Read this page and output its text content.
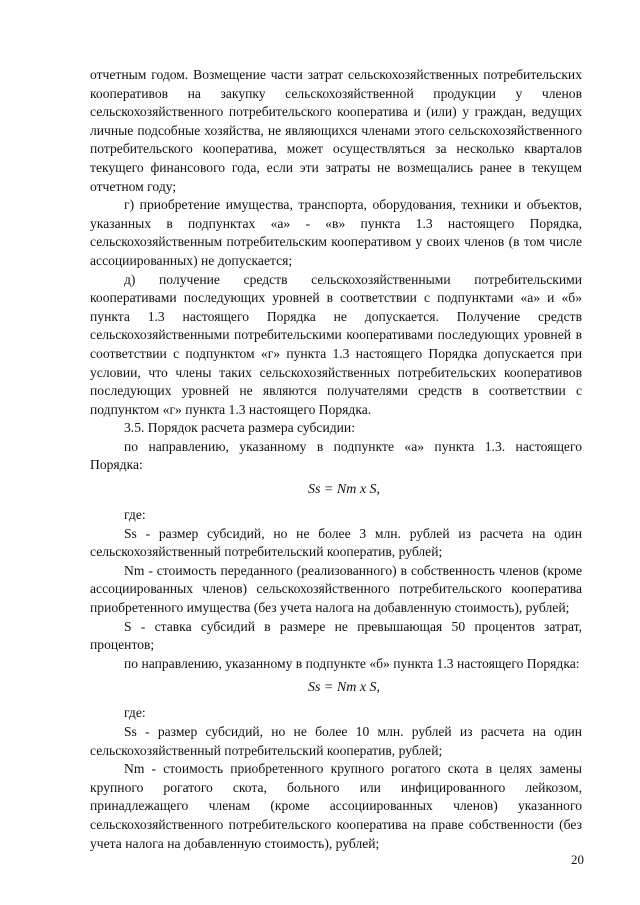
отчетным годом. Возмещение части затрат сельскохозяйственных потребительских кооперативов на закупку сельскохозяйственной продукции у членов сельскохозяйственного потребительского кооператива и (или) у граждан, ведущих личные подсобные хозяйства, не являющихся членами этого сельскохозяйственного потребительского кооператива, может осуществляться за несколько кварталов текущего финансового года, если эти затраты не возмещались ранее в текущем отчетном году;

г) приобретение имущества, транспорта, оборудования, техники и объектов, указанных в подпунктах «а» - «в» пункта 1.3 настоящего Порядка, сельскохозяйственным потребительским кооперативом у своих членов (в том числе ассоциированных) не допускается;

д) получение средств сельскохозяйственными потребительскими кооперативами последующих уровней в соответствии с подпунктами «а» и «б» пункта 1.3 настоящего Порядка не допускается. Получение средств сельскохозяйственными потребительскими кооперативами последующих уровней в соответствии с подпунктом «г» пункта 1.3 настоящего Порядка допускается при условии, что члены таких сельскохозяйственных потребительских кооперативов последующих уровней не являются получателями средств в соответствии с подпунктом «г» пункта 1.3 настоящего Порядка.

3.5. Порядок расчета размера субсидии:

по направлению, указанному в подпункте «а» пункта 1.3. настоящего Порядка:

Ss = Nm x S,

где:

Ss - размер субсидий, но не более 3 млн. рублей из расчета на один сельскохозяйственный потребительский кооператив, рублей;

Nm - стоимость переданного (реализованного) в собственность членов (кроме ассоциированных членов) сельскохозяйственного потребительского кооператива приобретенного имущества (без учета налога на добавленную стоимость), рублей;

S - ставка субсидий в размере не превышающая 50 процентов затрат, процентов;

по направлению, указанному в подпункте «б» пункта 1.3 настоящего Порядка:

Ss = Nm x S,

где:

Ss - размер субсидий, но не более 10 млн. рублей из расчета на один сельскохозяйственный потребительский кооператив, рублей;

Nm - стоимость приобретенного крупного рогатого скота в целях замены крупного рогатого скота, больного или инфицированного лейкозом, принадлежащего членам (кроме ассоциированных членов) указанного сельскохозяйственного потребительского кооператива на праве собственности (без учета налога на добавленную стоимость), рублей;

20
